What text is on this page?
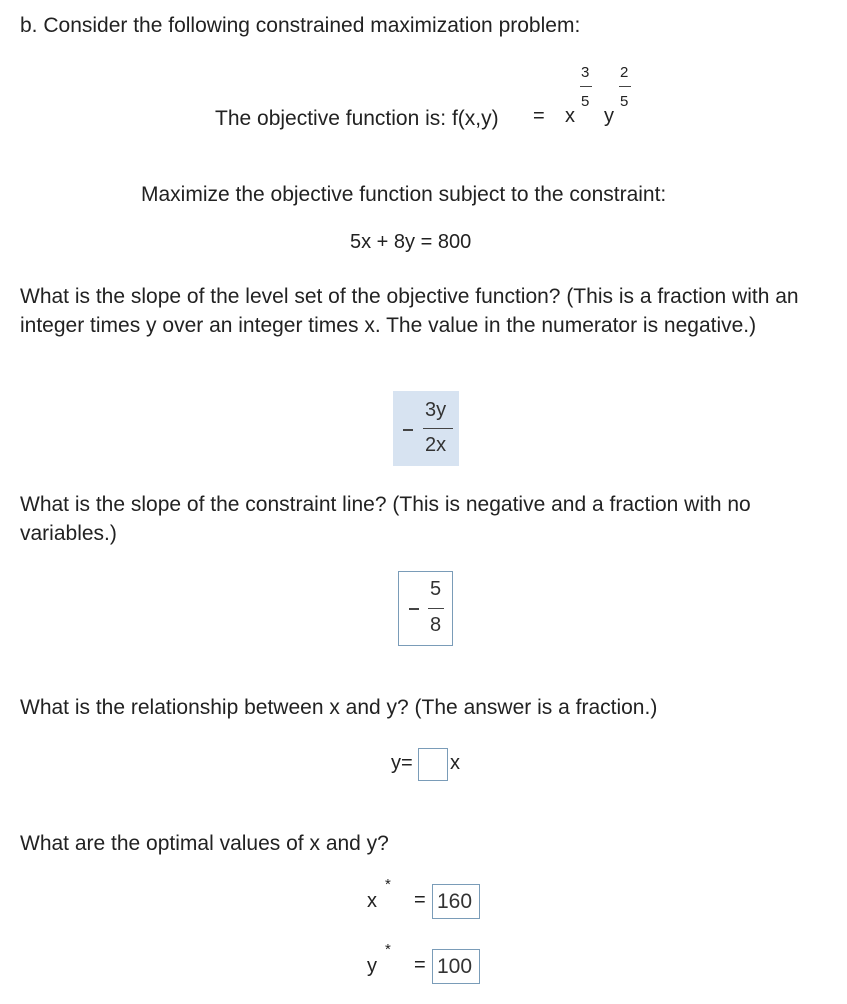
b. Consider the following constrained maximization problem:
The objective function is: f(x,y) = x
3
5
y
2
5
Maximize the objective function subject to the constraint:
5x + 8y = 800
What is the slope of the level set of the objective function? (This is a fraction with an integer times y over an integer times x. The value in the numerator is negative.)
3y
2x
What is the slope of the constraint line? (This is negative and a fraction with no variables.)
5
8
What is the relationship between x and y? (The answer is a fraction.)
y= x
What are the optimal values of x and y?
x
*
= 160
y
*
= 100
